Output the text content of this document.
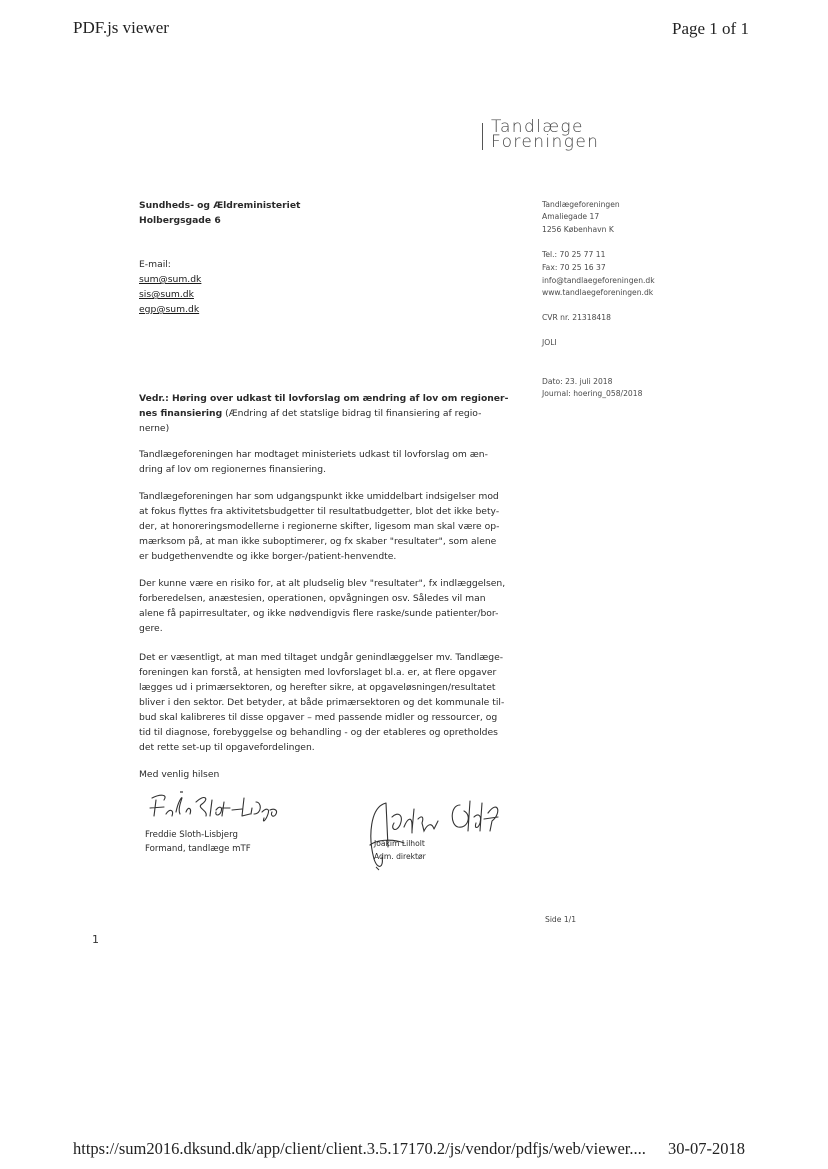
PDF.js viewer	Page 1 of 1
Tandlæge
Foreningen
Sundheds- og Ældreministeriet
Holbergsgade 6
E-mail:
sum@sum.dk
sis@sum.dk
egp@sum.dk
Tandlægeforeningen
Amaliegade 17
1256 København K
Tel.: 70 25 77 11
Fax: 70 25 16 37
info@tandlaegeforeningen.dk
www.tandlaegeforeningen.dk
CVR nr. 21318418
JOLI
Dato: 23. juli 2018
Journal: hoering_058/2018
Vedr.: Høring over udkast til lovforslag om ændring af lov om regioner-
nes finansiering (Ændring af det statslige bidrag til finansiering af regio-
nerne)
Tandlægeforeningen har modtaget ministeriets udkast til lovforslag om æn-
dring af lov om regionernes finansiering.
Tandlægeforeningen har som udgangspunkt ikke umiddelbart indsigelser mod
at fokus flyttes fra aktivitetsbudgetter til resultatbudgetter, blot det ikke bety-
der, at honoreringsmodellerne i regionerne skifter, ligesom man skal være op-
mærksom på, at man ikke suboptimerer, og fx skaber "resultater", som alene
er budgethenvendte og ikke borger-/patient-henvendte.
Der kunne være en risiko for, at alt pludselig blev "resultater", fx indlæggelsen,
forberedelsen, anæstesien, operationen, opvågningen osv. Således vil man
alene få papirresultater, og ikke nødvendigvis flere raske/sunde patienter/bor-
gere.
Det er væsentligt, at man med tiltaget undgår genindlæggelser mv. Tandlæge-
foreningen kan forstå, at hensigten med lovforslaget bl.a. er, at flere opgaver
lægges ud i primærsektoren, og herefter sikre, at opgaveløsningen/resultatet
bliver i den sektor. Det betyder, at både primærsektoren og det kommunale til-
bud skal kalibreres til disse opgaver – med passende midler og ressourcer, og
tid til diagnose, forebyggelse og behandling - og der etableres og opretholdes
det rette set-up til opgavefordelingen.
Med venlig hilsen
Freddie Sloth-Lisbjerg
Formand, tandlæge mTF
Joakim Lilholt
Adm. direktør
Side 1/1
1
https://sum2016.dksund.dk/app/client/client.3.5.17170.2/js/vendor/pdfjs/web/viewer.... 30-07-2018
